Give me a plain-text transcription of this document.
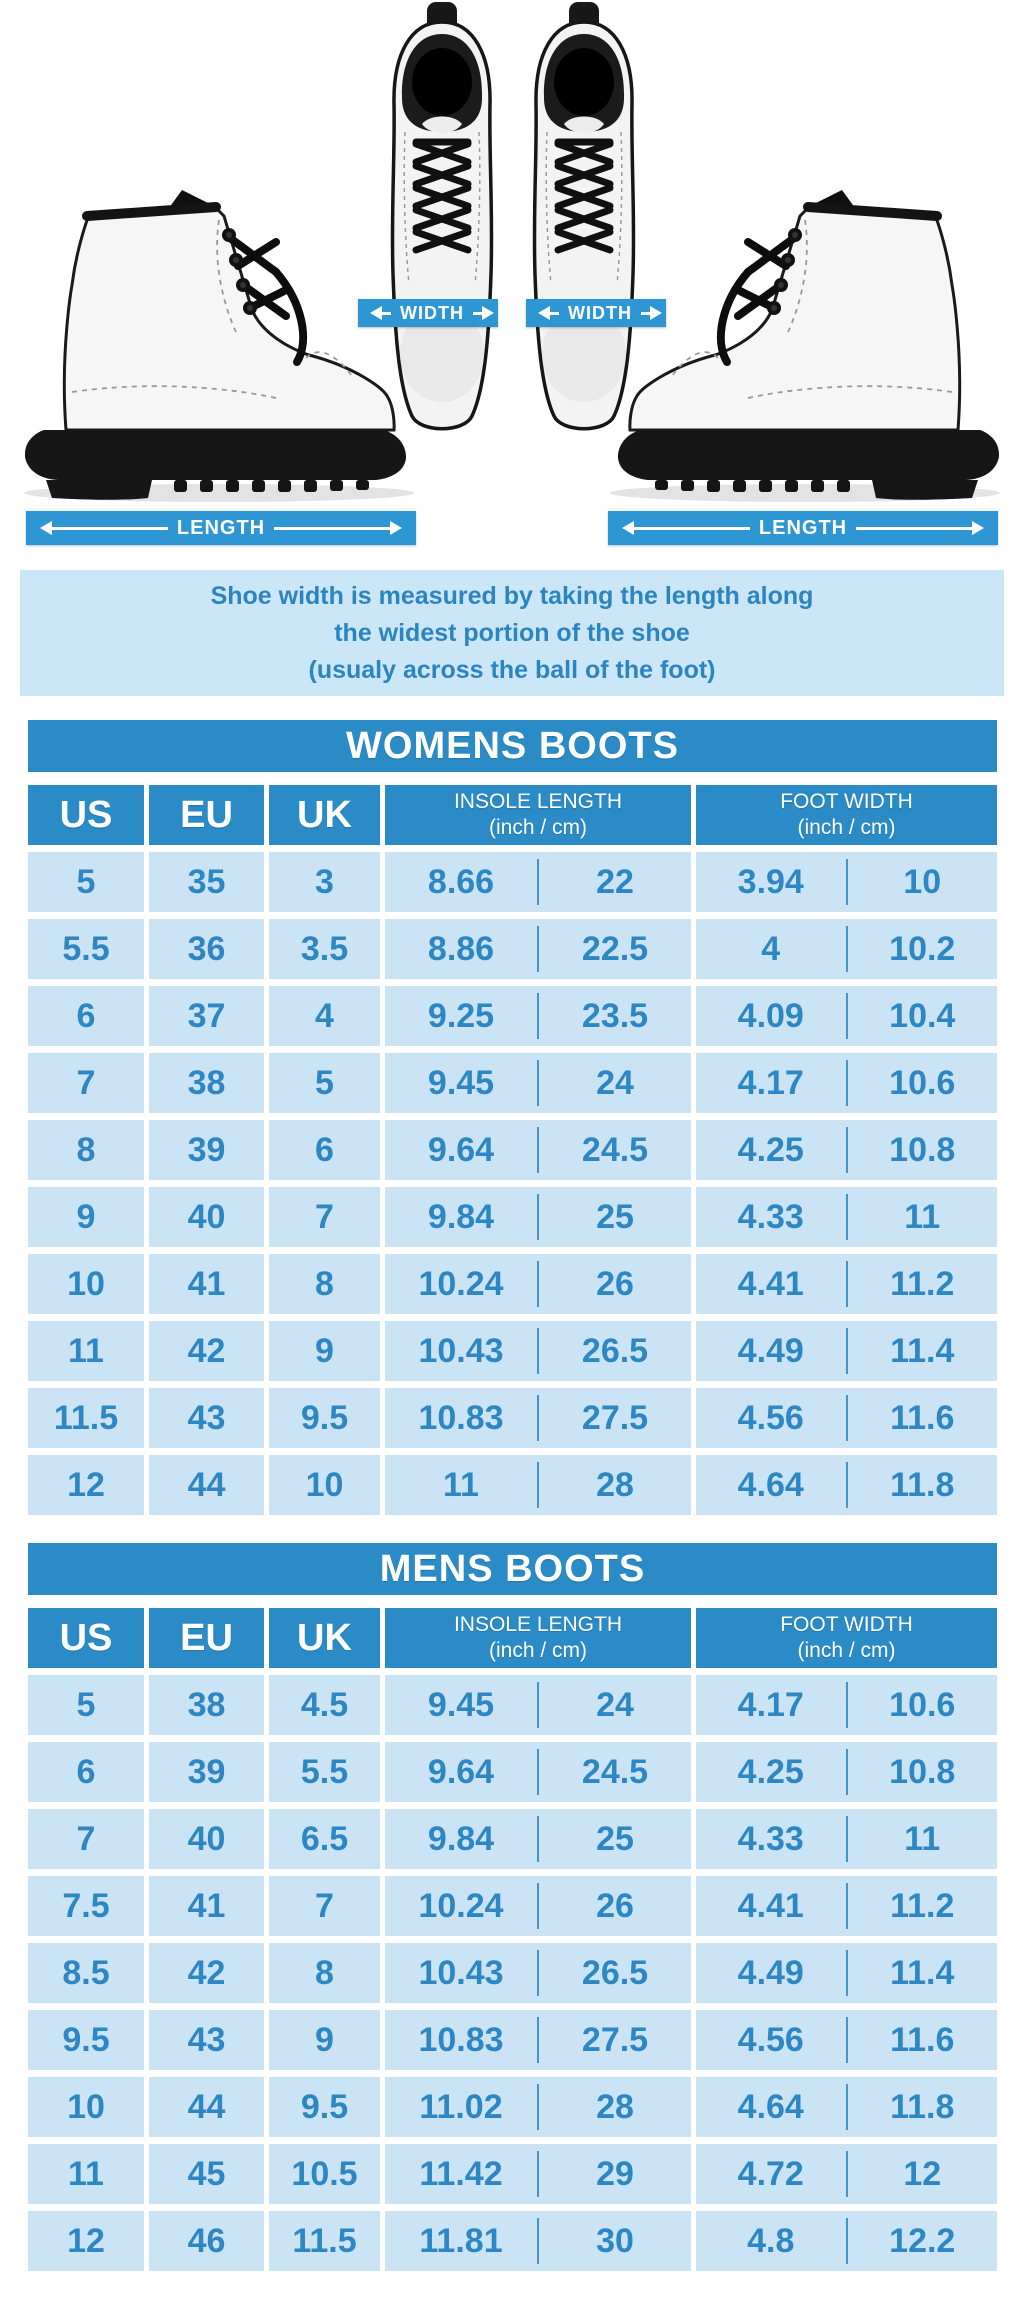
WIDTH	WIDTH
LENGTH	LENGTH
Shoe width is measured by taking the length along
the widest portion of the shoe
(usualy across the ball of the foot)
WOMENS BOOTS
US	EU	UK	INSOLE LENGTH
(inch / cm)
FOOT WIDTH
(inch / cm)
5	35	3	8.66	22	3.94	10
5.5	36	3.5	8.86	22.5	4	10.2
6	37	4	9.25	23.5	4.09	10.4
7	38	5	9.45	24	4.17	10.6
8	39	6	9.64	24.5	4.25	10.8
9	40	7	9.84	25	4.33	11
10	41	8	10.24	26	4.41	11.2
11	42	9	10.43	26.5	4.49	11.4
11.5	43	9.5	10.83	27.5	4.56	11.6
12	44	10	11	28	4.64	11.8
MENS BOOTS
US	EU	UK	INSOLE LENGTH
(inch / cm)
FOOT WIDTH
(inch / cm)
5	38	4.5	9.45	24	4.17	10.6
6	39	5.5	9.64	24.5	4.25	10.8
7	40	6.5	9.84	25	4.33	11
7.5	41	7	10.24	26	4.41	11.2
8.5	42	8	10.43	26.5	4.49	11.4
9.5	43	9	10.83	27.5	4.56	11.6
10	44	9.5	11.02	28	4.64	11.8
11	45	10.5	11.42	29	4.72	12
12	46	11.5	11.81	30	4.8	12.2
